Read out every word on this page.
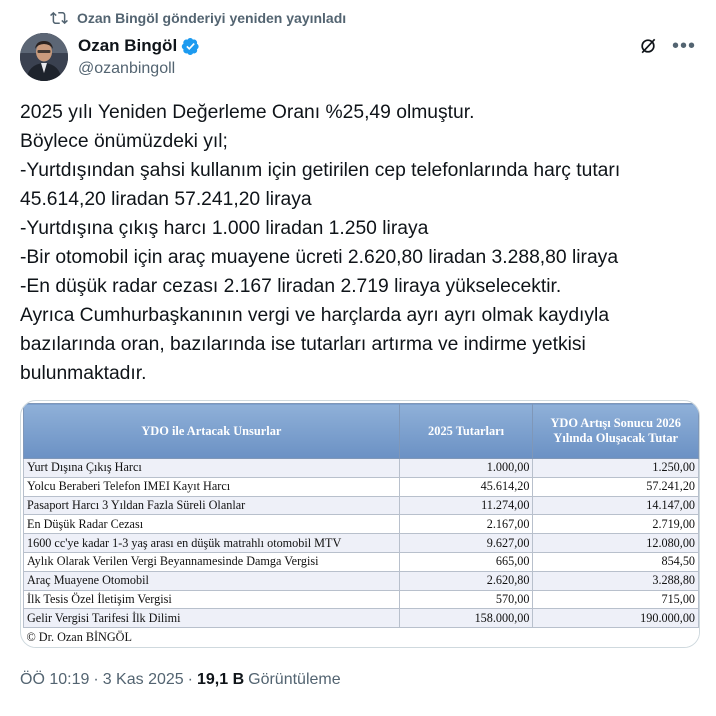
Ozan Bingöl gönderiyi yeniden yayınladı
Ozan Bingöl
@ozanbingoll
•••
2025 yılı Yeniden Değerleme Oranı %25,49 olmuştur.
Böylece önümüzdeki yıl;
-Yurtdışından şahsi kullanım için getirilen cep telefonlarında harç tutarı
45.614,20 liradan 57.241,20 liraya
-Yurtdışına çıkış harcı 1.000 liradan 1.250 liraya
-Bir otomobil için araç muayene ücreti 2.620,80 liradan 3.288,80 liraya
-En düşük radar cezası 2.167 liradan 2.719 liraya yükselecektir.
Ayrıca Cumhurbaşkanının vergi ve harçlarda ayrı ayrı olmak kaydıyla
bazılarında oran, bazılarında ise tutarları artırma ve indirme yetkisi
bulunmaktadır.
YDO ile Artacak Unsurlar	2025 Tutarları	YDO Artışı Sonucu 2026
Yılında Oluşacak Tutar

Yurt Dışına Çıkış Harcı	1.000,00	1.250,00
Yolcu Beraberi Telefon IMEI Kayıt Harcı	45.614,20	57.241,20
Pasaport Harcı 3 Yıldan Fazla Süreli Olanlar	11.274,00	14.147,00
En Düşük Radar Cezası	2.167,00	2.719,00
1600 cc'ye kadar 1-3 yaş arası en düşük matrahlı otomobil MTV	9.627,00	12.080,00
Aylık Olarak Verilen Vergi Beyannamesinde Damga Vergisi	665,00	854,50
Araç Muayene Otomobil	2.620,80	3.288,80
İlk Tesis Özel İletişim Vergisi	570,00	715,00
Gelir Vergisi Tarifesi İlk Dilimi	158.000,00	190.000,00
© Dr. Ozan BİNGÖL		
ÖÖ 10:19 · 3 Kas 2025 · 19,1 B Görüntüleme
